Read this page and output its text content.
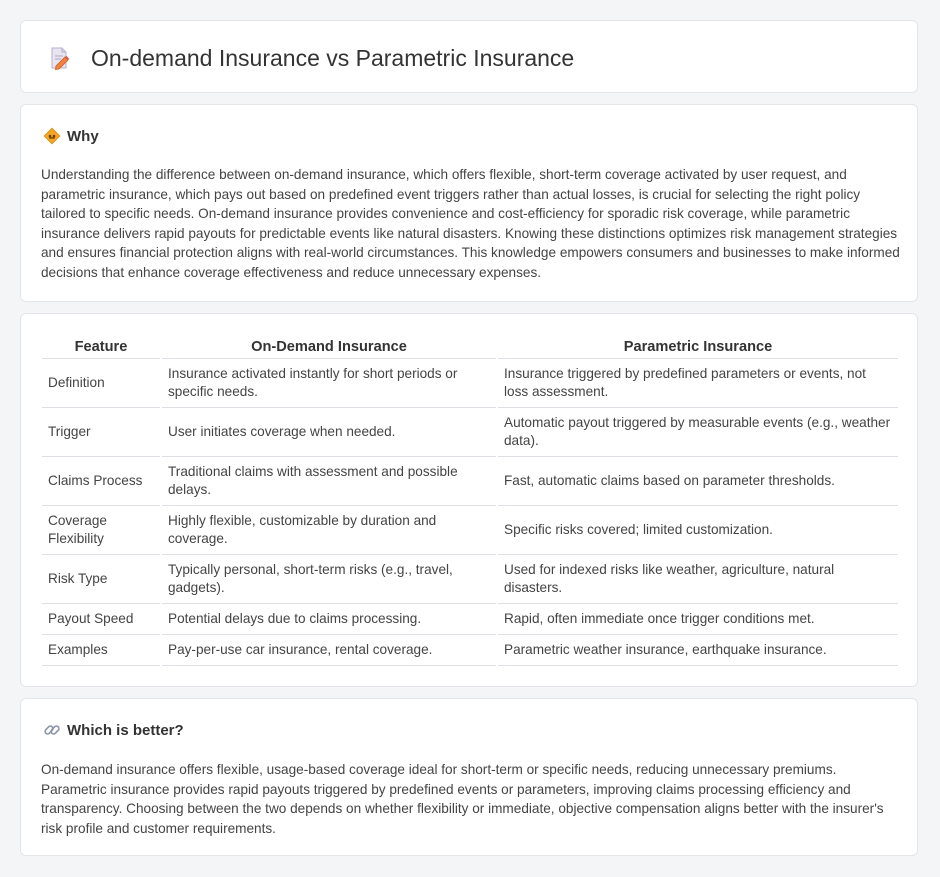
On-demand Insurance vs Parametric Insurance
Why

Understanding the difference between on-demand insurance, which offers flexible, short-term coverage activated by user request, and parametric insurance, which pays out based on predefined event triggers rather than actual losses, is crucial for selecting the right policy tailored to specific needs. On-demand insurance provides convenience and cost-efficiency for sporadic risk coverage, while parametric insurance delivers rapid payouts for predictable events like natural disasters. Knowing these distinctions optimizes risk management strategies and ensures financial protection aligns with real-world circumstances. This knowledge empowers consumers and businesses to make informed decisions that enhance coverage effectiveness and reduce unnecessary expenses.

Feature	On-Demand Insurance	Parametric Insurance
Definition	Insurance activated instantly for short periods or specific needs.	Insurance triggered by predefined parameters or events, not loss assessment.
Trigger	User initiates coverage when needed.	Automatic payout triggered by measurable events (e.g., weather data).
Claims Process	Traditional claims with assessment and possible delays.	Fast, automatic claims based on parameter thresholds.
Coverage Flexibility	Highly flexible, customizable by duration and coverage.	Specific risks covered; limited customization.
Risk Type	Typically personal, short-term risks (e.g., travel, gadgets).	Used for indexed risks like weather, agriculture, natural disasters.
Payout Speed	Potential delays due to claims processing.	Rapid, often immediate once trigger conditions met.
Examples	Pay-per-use car insurance, rental coverage.	Parametric weather insurance, earthquake insurance.
Which is better?

On-demand insurance offers flexible, usage-based coverage ideal for short-term or specific needs, reducing unnecessary premiums. Parametric insurance provides rapid payouts triggered by predefined events or parameters, improving claims processing efficiency and transparency. Choosing between the two depends on whether flexibility or immediate, objective compensation aligns better with the insurer's risk profile and customer requirements.
